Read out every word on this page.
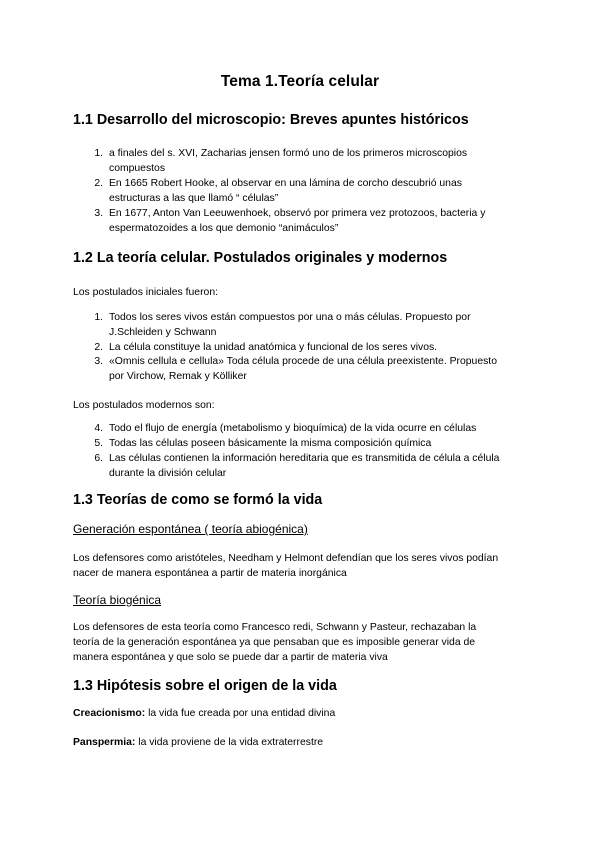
Tema 1.Teoría celular
1.1 Desarrollo del microscopio: Breves apuntes históricos
1. a finales del s. XVI, Zacharias jensen formó uno de los primeros microscopios
compuestos
2. En 1665 Robert Hooke, al observar en una lámina de corcho descubrió unas
estructuras a las que llamó “ células”
3. En 1677, Anton Van Leeuwenhoek, observó por primera vez protozoos, bacteria y
espermatozoides a los que demonio “animáculos”
1.2 La teoría celular. Postulados originales y modernos
Los postulados iniciales fueron:
1. Todos los seres vivos están compuestos por una o más células. Propuesto por
J.Schleiden y Schwann
2. La célula constituye la unidad anatómica y funcional de los seres vivos.
3. «Omnis cellula e cellula» Toda célula procede de una célula preexistente. Propuesto
por Virchow, Remak y Kölliker
Los postulados modernos son:
4. Todo el flujo de energía (metabolismo y bioquímica) de la vida ocurre en células
5. Todas las células poseen básicamente la misma composición química
6. Las células contienen la información hereditaria que es transmitida de célula a célula
durante la división celular
1.3 Teorías de como se formó la vida
Generación espontánea ( teoría abiogénica)
Los defensores como aristóteles, Needham y Helmont defendían que los seres vivos podían
nacer de manera espontánea a partir de materia inorgánica
Teoría biogénica
Los defensores de esta teoría como Francesco redi, Schwann y Pasteur, rechazaban la
teoría de la generación espontánea ya que pensaban que es imposible generar vida de
manera espontánea y que solo se puede dar a partir de materia viva
1.3 Hipótesis sobre el origen de la vida
Creacionismo: la vida fue creada por una entidad divina
Panspermia: la vida proviene de la vida extraterrestre
